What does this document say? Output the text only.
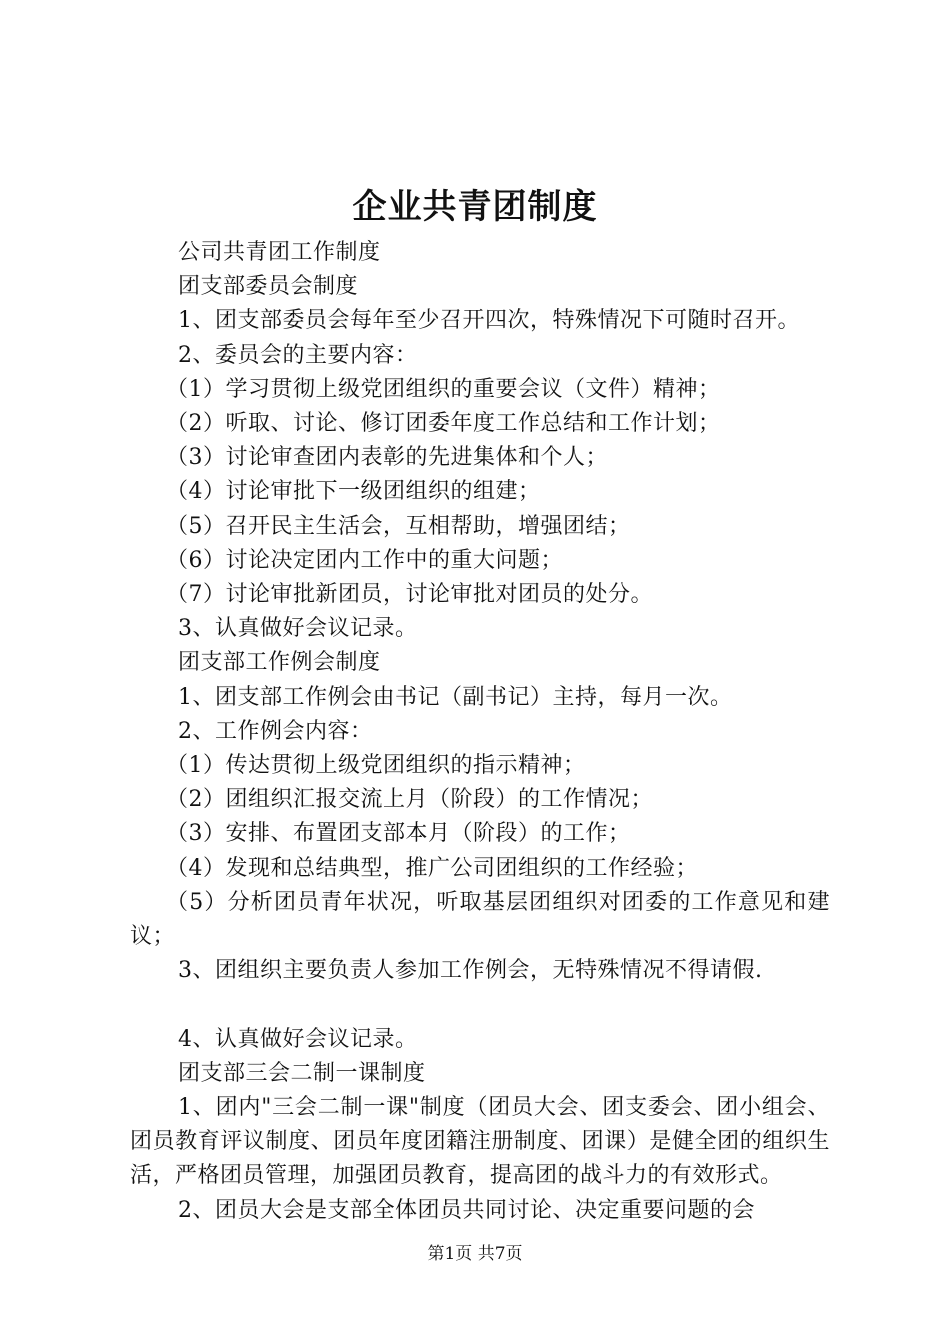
企业共青团制度

公司共青团工作制度

团支部委员会制度

1、团支部委员会每年至少召开四次，特殊情况下可随时召开。

2、委员会的主要内容：

（1）学习贯彻上级党团组织的重要会议（文件）精神；

（2）听取、讨论、修订团委年度工作总结和工作计划；

（3）讨论审查团内表彰的先进集体和个人；

（4）讨论审批下一级团组织的组建；

（5）召开民主生活会，互相帮助，增强团结；

（6）讨论决定团内工作中的重大问题；

（7）讨论审批新团员，讨论审批对团员的处分。

3、认真做好会议记录。

团支部工作例会制度

1、团支部工作例会由书记（副书记）主持，每月一次。

2、工作例会内容：

（1）传达贯彻上级党团组织的指示精神；

（2）团组织汇报交流上月（阶段）的工作情况；

（3）安排、布置团支部本月（阶段）的工作；

（4）发现和总结典型，推广公司团组织的工作经验；

（5）分析团员青年状况，听取基层团组织对团委的工作意见和建议；

3、团组织主要负责人参加工作例会，无特殊情况不得请假.

4、认真做好会议记录。

团支部三会二制一课制度

1、团内"三会二制一课"制度（团员大会、团支委会、团小组会、团员教育评议制度、团员年度团籍注册制度、团课）是健全团的组织生活，严格团员管理，加强团员教育，提高团的战斗力的有效形式。

2、团员大会是支部全体团员共同讨论、决定重要问题的会

第1页 共7页
